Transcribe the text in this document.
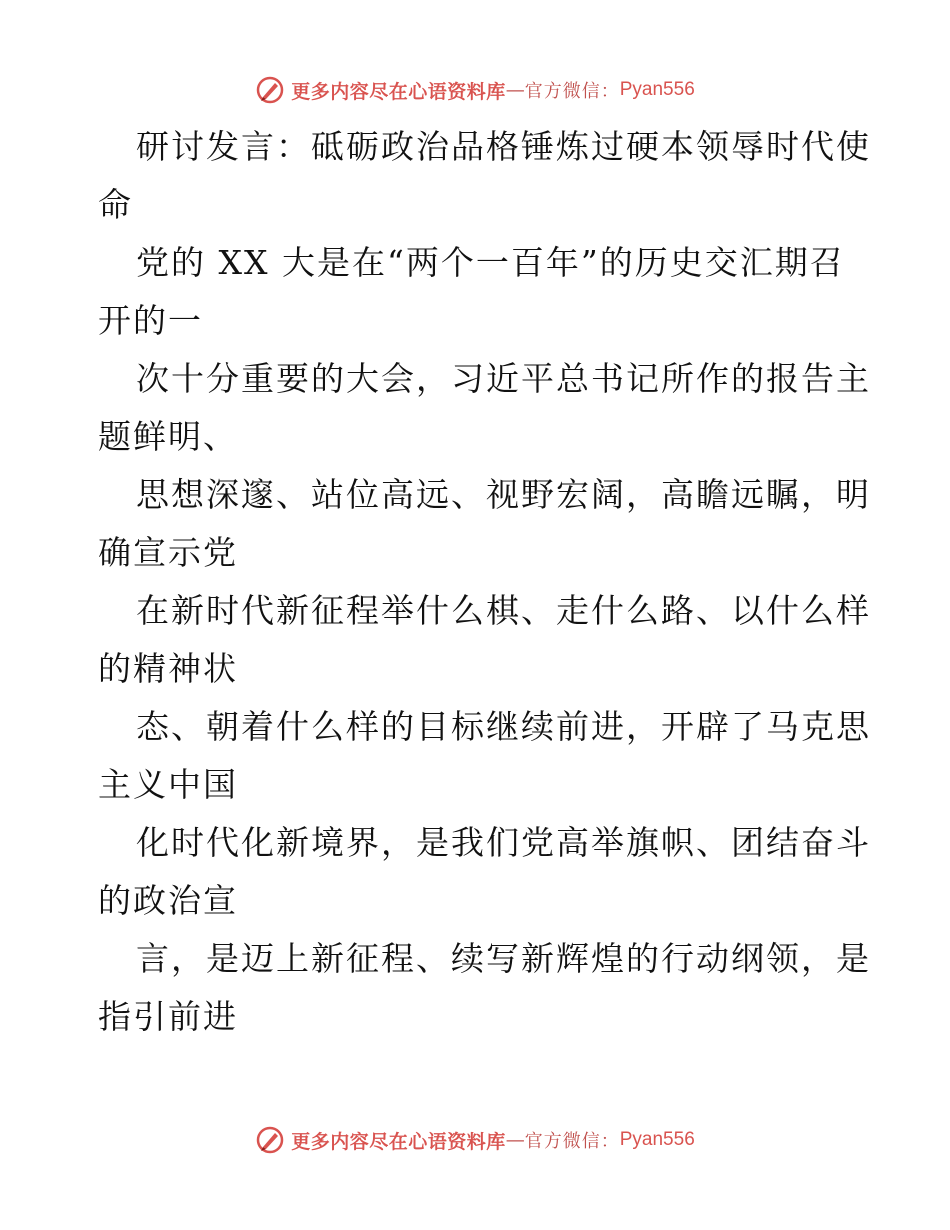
更多内容尽在心语资料库 — 官方微信： Pyan556
研讨发言：砥砺政治品格锤炼过硬本领辱时代使
命
党的 XX 大是在“两个一百年”的历史交汇期召
开的一
次十分重要的大会，习近平总书记所作的报告主
题鲜明、
思想深邃、站位高远、视野宏阔，高瞻远瞩，明
确宣示党
在新时代新征程举什么棋、走什么路、以什么样
的精神状
态、朝着什么样的目标继续前进，开辟了马克思
主义中国
化时代化新境界，是我们党高举旗帜、团结奋斗
的政治宣
言，是迈上新征程、续写新辉煌的行动纲领，是
指引前进
更多内容尽在心语资料库 — 官方微信： Pyan556
